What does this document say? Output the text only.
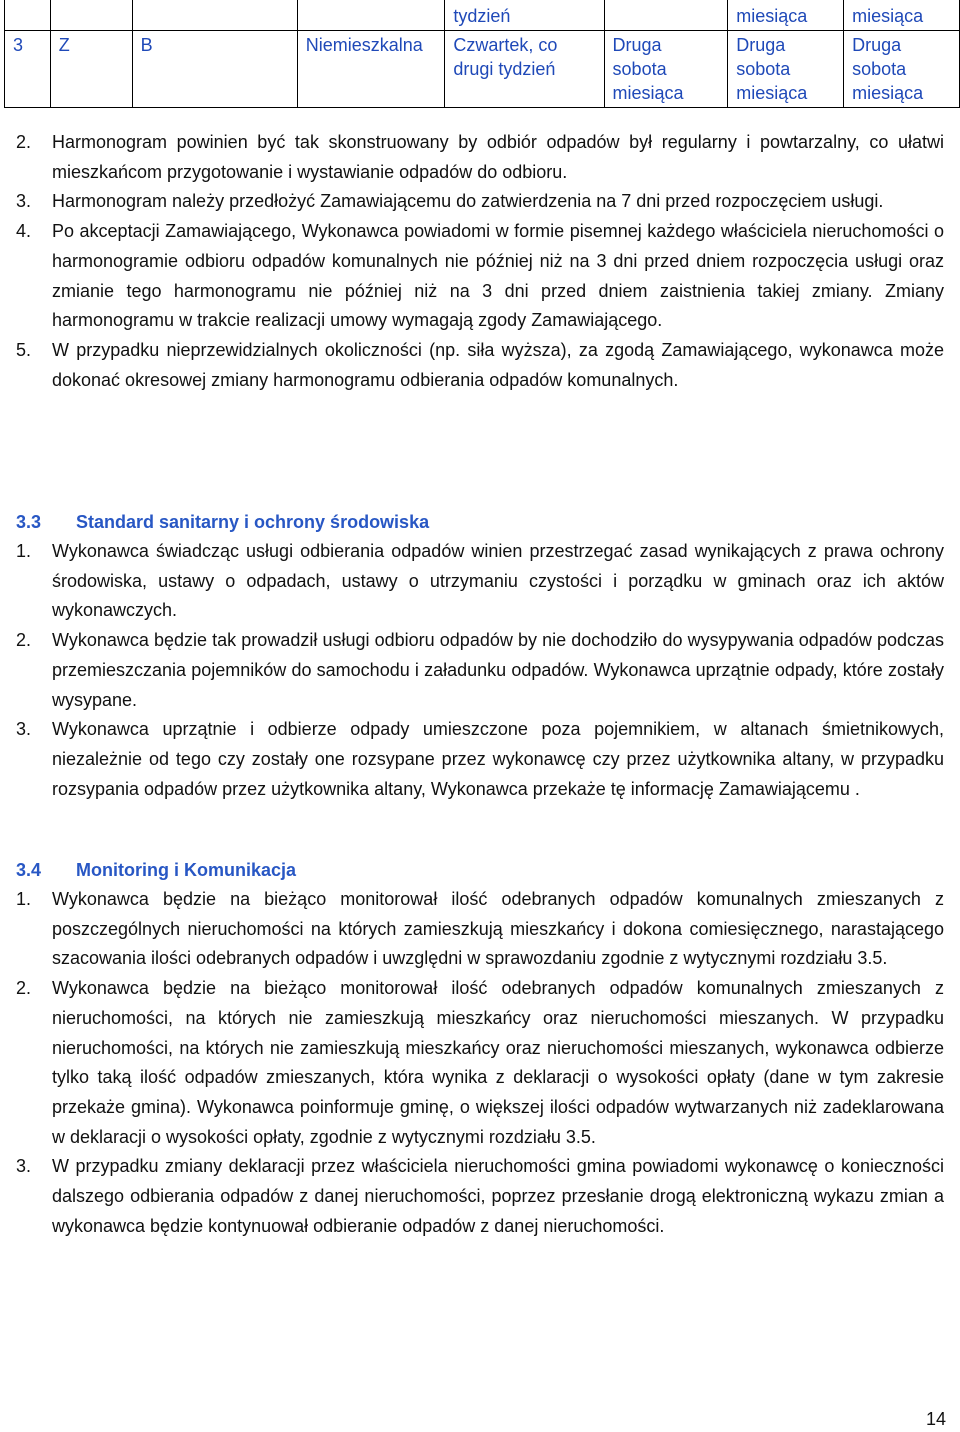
				tydzień		miesiąca	miesiąca
3	Z	B	Niemieszkalna	Czwartek, co drugi tydzień	Druga sobota miesiąca	Druga sobota miesiąca	Druga sobota miesiąca
2.	Harmonogram powinien być tak skonstruowany by odbiór odpadów był regularny i powtarzalny, co ułatwi mieszkańcom przygotowanie i wystawianie odpadów do odbioru.
3.	Harmonogram należy przedłożyć Zamawiającemu do zatwierdzenia na 7 dni przed rozpoczęciem usługi.
4.	Po akceptacji Zamawiającego, Wykonawca powiadomi w formie pisemnej każdego właściciela nieruchomości o harmonogramie odbioru odpadów komunalnych nie później niż na 3 dni przed dniem rozpoczęcia usługi oraz zmianie tego harmonogramu nie później niż na 3 dni przed dniem zaistnienia takiej zmiany. Zmiany harmonogramu w trakcie realizacji umowy wymagają zgody Zamawiającego.
5.	W przypadku nieprzewidzialnych okoliczności (np. siła wyższa), za zgodą Zamawiającego, wykonawca może dokonać okresowej zmiany harmonogramu odbierania odpadów komunalnych.
3.3	Standard sanitarny i ochrony środowiska
1.	Wykonawca świadcząc usługi odbierania odpadów winien przestrzegać zasad wynikających z prawa ochrony środowiska, ustawy o odpadach, ustawy o utrzymaniu czystości i porządku w gminach oraz ich aktów wykonawczych.
2.	Wykonawca będzie tak prowadził usługi odbioru odpadów by nie dochodziło do wysypywania odpadów podczas przemieszczania pojemników do samochodu i załadunku odpadów. Wykonawca uprzątnie odpady, które zostały wysypane.
3.	Wykonawca uprzątnie i odbierze odpady umieszczone poza pojemnikiem, w altanach śmietnikowych, niezależnie od tego czy zostały one rozsypane przez wykonawcę czy przez użytkownika altany, w przypadku rozsypania odpadów przez użytkownika altany, Wykonawca przekaże tę informację Zamawiającemu .
3.4	Monitoring i Komunikacja
1.	Wykonawca będzie na bieżąco monitorował ilość odebranych odpadów komunalnych zmieszanych z poszczególnych nieruchomości na których zamieszkują mieszkańcy i dokona comiesięcznego, narastającego szacowania ilości odebranych odpadów i uwzględni w sprawozdaniu zgodnie z wytycznymi rozdziału 3.5.
2.	Wykonawca będzie na bieżąco monitorował ilość odebranych odpadów komunalnych zmieszanych z nieruchomości, na których nie zamieszkują mieszkańcy oraz nieruchomości mieszanych. W przypadku nieruchomości, na których nie zamieszkują mieszkańcy oraz nieruchomości mieszanych, wykonawca odbierze tylko taką ilość odpadów zmieszanych, która wynika z deklaracji o wysokości opłaty (dane w tym zakresie przekaże gmina). Wykonawca poinformuje gminę, o większej ilości odpadów wytwarzanych niż zadeklarowana w deklaracji o wysokości opłaty, zgodnie z wytycznymi rozdziału 3.5.
3.	W przypadku zmiany deklaracji przez właściciela nieruchomości gmina powiadomi wykonawcę o konieczności dalszego odbierania odpadów z danej nieruchomości, poprzez przesłanie drogą elektroniczną wykazu zmian a wykonawca będzie kontynuował odbieranie odpadów z danej nieruchomości.
14
